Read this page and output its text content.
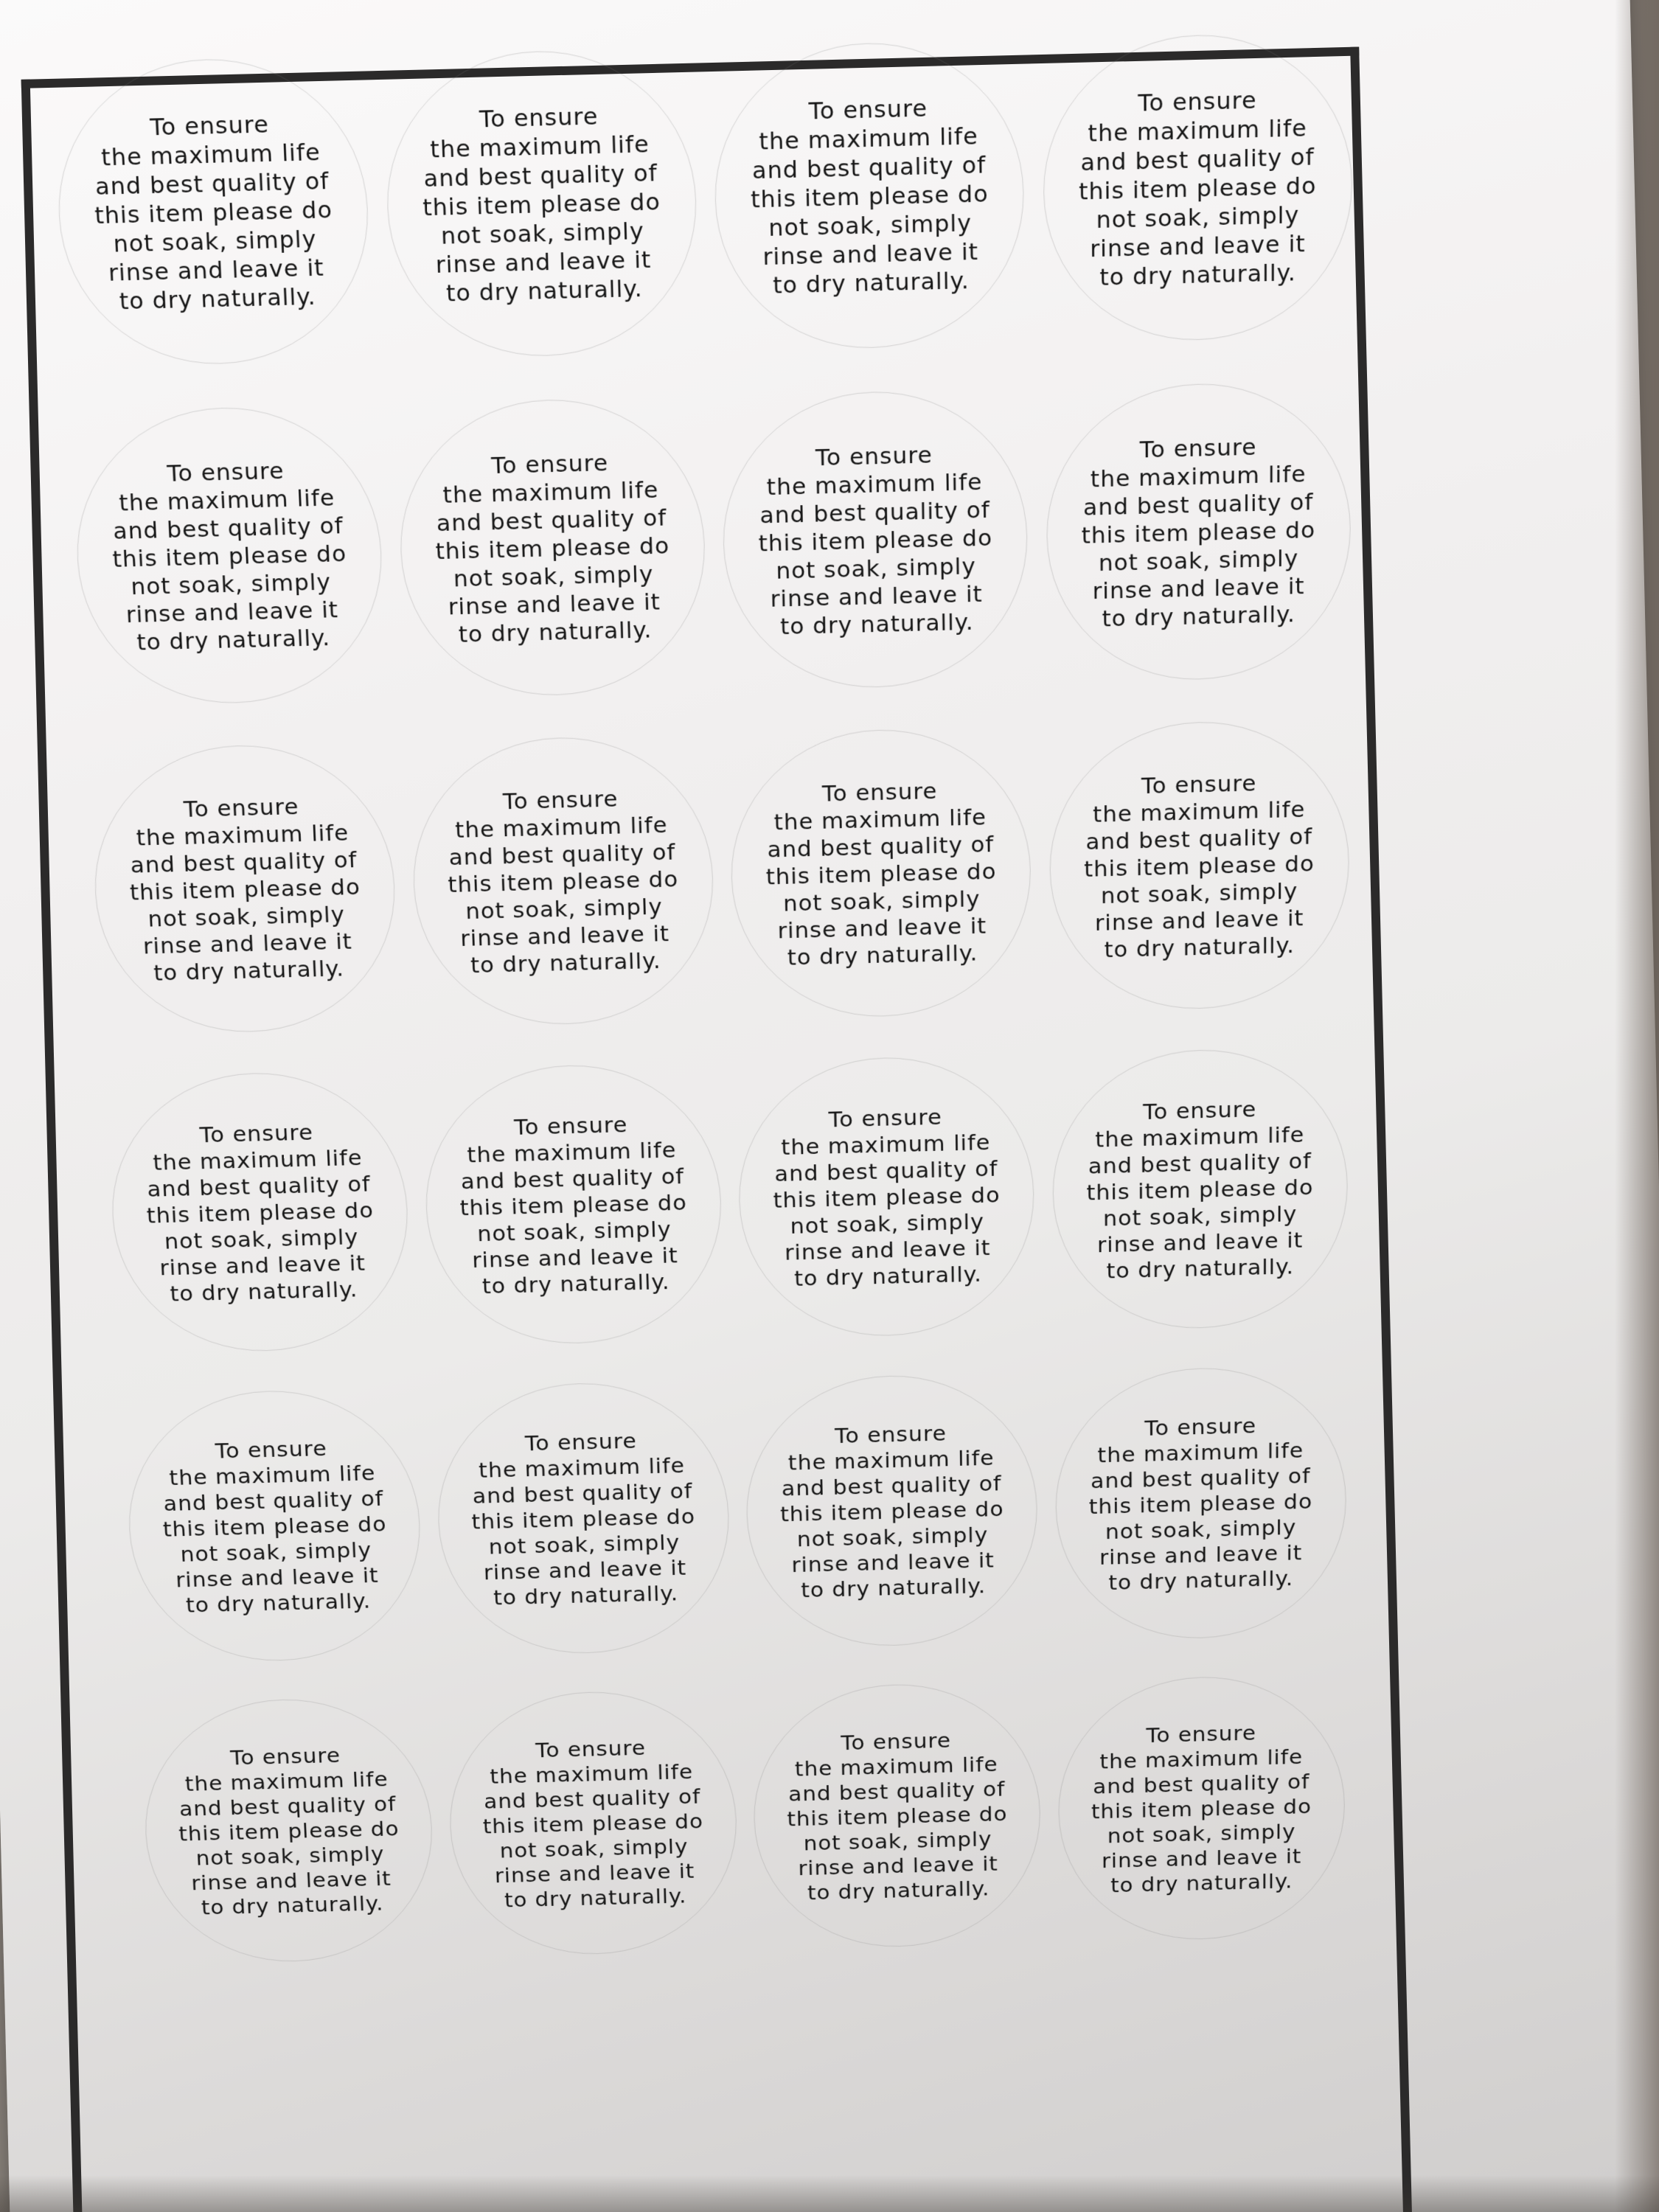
To ensure
the maximum life
and best quality of
this item please do
not soak, simply
rinse and leave it
to dry naturally.
To ensure
the maximum life
and best quality of
this item please do
not soak, simply
rinse and leave it
to dry naturally.
To ensure
the maximum life
and best quality of
this item please do
not soak, simply
rinse and leave it
to dry naturally.
To ensure
the maximum life
and best quality of
this item please do
not soak, simply
rinse and leave it
to dry naturally.
To ensure
the maximum life
and best quality of
this item please do
not soak, simply
rinse and leave it
to dry naturally.
To ensure
the maximum life
and best quality of
this item please do
not soak, simply
rinse and leave it
to dry naturally.
To ensure
the maximum life
and best quality of
this item please do
not soak, simply
rinse and leave it
to dry naturally.
To ensure
the maximum life
and best quality of
this item please do
not soak, simply
rinse and leave it
to dry naturally.
To ensure
the maximum life
and best quality of
this item please do
not soak, simply
rinse and leave it
to dry naturally.
To ensure
the maximum life
and best quality of
this item please do
not soak, simply
rinse and leave it
to dry naturally.
To ensure
the maximum life
and best quality of
this item please do
not soak, simply
rinse and leave it
to dry naturally.
To ensure
the maximum life
and best quality of
this item please do
not soak, simply
rinse and leave it
to dry naturally.
To ensure
the maximum life
and best quality of
this item please do
not soak, simply
rinse and leave it
to dry naturally.
To ensure
the maximum life
and best quality of
this item please do
not soak, simply
rinse and leave it
to dry naturally.
To ensure
the maximum life
and best quality of
this item please do
not soak, simply
rinse and leave it
to dry naturally.
To ensure
the maximum life
and best quality of
this item please do
not soak, simply
rinse and leave it
to dry naturally.
To ensure
the maximum life
and best quality of
this item please do
not soak, simply
rinse and leave it
to dry naturally.
To ensure
the maximum life
and best quality of
this item please do
not soak, simply
rinse and leave it
to dry naturally.
To ensure
the maximum life
and best quality of
this item please do
not soak, simply
rinse and leave it
to dry naturally.
To ensure
the maximum life
and best quality of
this item please do
not soak, simply
rinse and leave it
to dry naturally.
To ensure
the maximum life
and best quality of
this item please do
not soak, simply
rinse and leave it
to dry naturally.
To ensure
the maximum life
and best quality of
this item please do
not soak, simply
rinse and leave it
to dry naturally.
To ensure
the maximum life
and best quality of
this item please do
not soak, simply
rinse and leave it
to dry naturally.
To ensure
the maximum life
and best quality of
this item please do
not soak, simply
rinse and leave it
to dry naturally.
